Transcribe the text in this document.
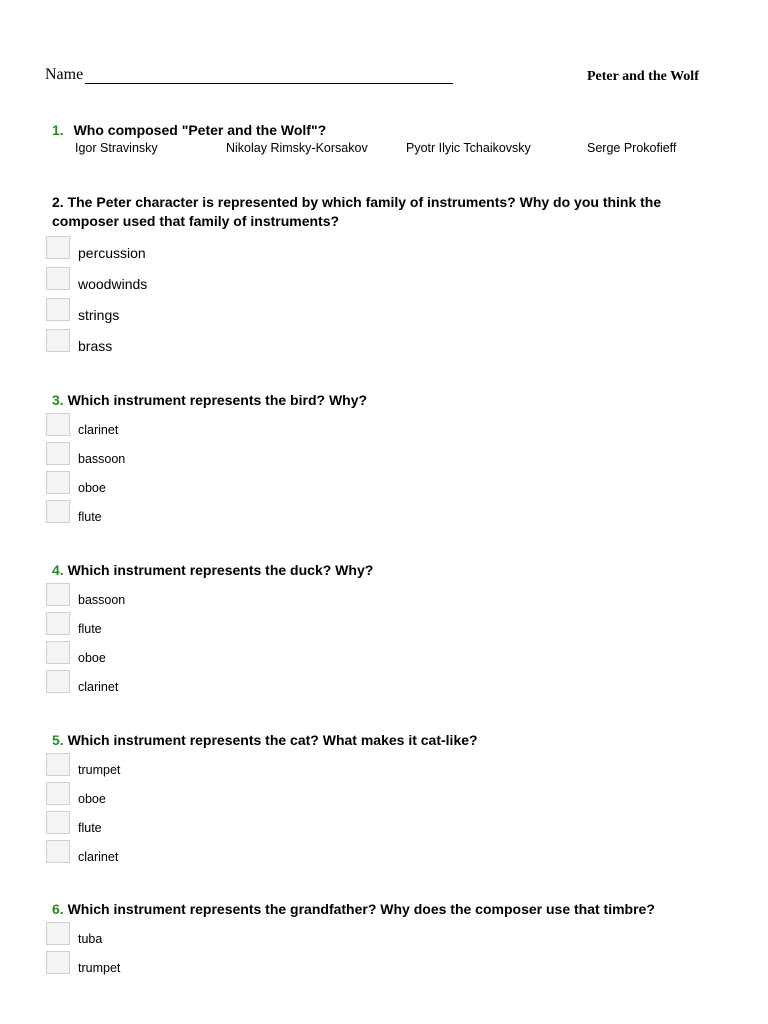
Name	Peter and the Wolf
1. Who composed "Peter and the Wolf"?
Igor Stravinsky	Nikolay Rimsky-Korsakov	Pyotr Ilyic Tchaikovsky	Serge Prokofieff
2. The Peter character is represented by which family of instruments? Why do you think the
composer used that family of instruments?
percussion
woodwinds
strings
brass
3. Which instrument represents the bird? Why?
clarinet
bassoon
oboe
flute
4. Which instrument represents the duck? Why?
bassoon
flute
oboe
clarinet
5. Which instrument represents the cat? What makes it cat-like?
trumpet
oboe
flute
clarinet
6. Which instrument represents the grandfather? Why does the composer use that timbre?
tuba
trumpet
